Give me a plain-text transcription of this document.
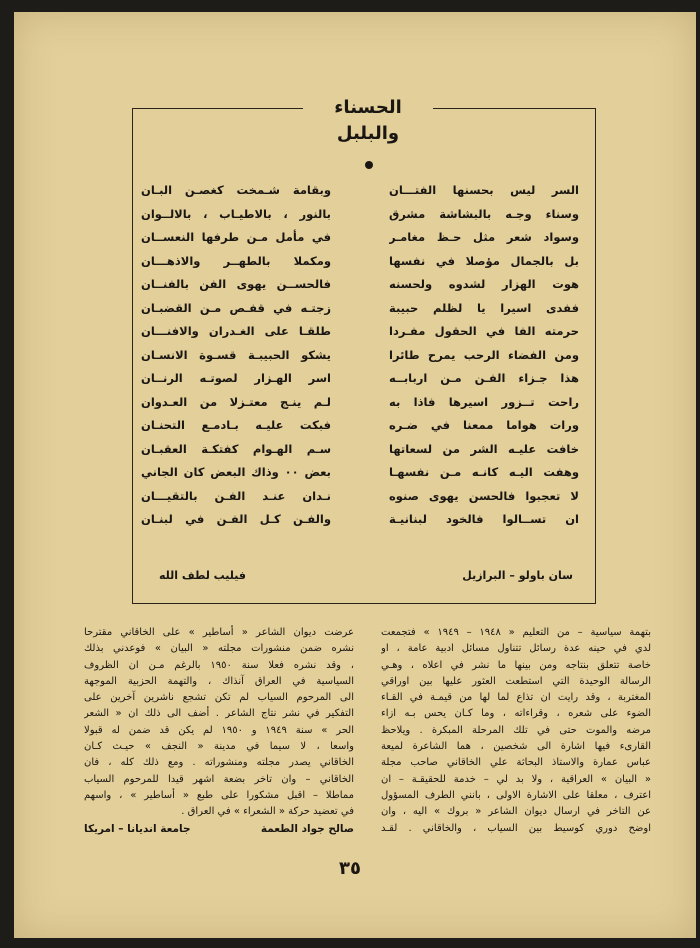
الحسناء والبلبل
السر ليس بحسنها الفتـــان
وسناء وجـه بالبشاشة مشرق
وسواد شعر مثل حـظ مغامـر
بل بالجمال مؤصلا في نفسها
هوت الهزار لشدوه ولحسنه
ففدى اسيرا يا لظلم حبيبة
حرمته الفا في الحقول مفـردا
ومن الفضاء الرحب يمرح طائرا
هذا جـزاء الفـن مـن اربابــه
راحت تــزور اسيرها فاذا به
ورات هواما ممعنا في ضـره
خافت عليـه الشر من لسعاتها
وهفت اليـه كانـه مـن نفسهـا
لا تعجبوا فالحسن يهوى صنوه
ان تســالوا فالخود لبنانيـة
وبقامة شـمخت كغصـن البـان
بالنور ، بالاطيـاب ، بالالــوان
في مأمل مـن طرفها النعســان
ومكملا بالطهــر والاذهـــان
فالحســن يهوى الفن بالفنــان
زجتـه في قفـص مـن القضبـان
طلقـا على الغـدران والافنـــان
يشكو الحبيبـة قسـوة الانسـان
اسر الهـزار لصوتـه الرنــان
لـم ينـج معتـزلا من العـدوان
فبكت عليـه بـادمـع التحنـان
سـم الهـوام كفتكـة العقبـان
بعض ٠٠ وذاك البعض كان الجاني
نـدان عنـد الفـن بالتقيـــان
والفـن كـل الفـن في لبنـان
سان باولو – البرازيل
فيليب لطف الله
بتهمة سياسية – من التعليم « ١٩٤٨ – ١٩٤٩ » فتجمعت
لدي في حينه عدة رسائل تتناول مسائل ادبية عامة ، او
خاصة تتعلق بنتاجه ومن بينها ما نشر في اعلاه ، وهـي
الرسالة الوحيدة التي استطعت العثور عليها بين اوراقي
المغتربة ، وقد رايت ان تذاع لما لها من قيمـة في القـاء
الضوء على شعره ، وقراءاته ، وما كـان يحس بـه ازاء
مرضه والموت حتى في تلك المرحلة المبكرة . ويلاحظ
القارىء فيها اشارة الى شخصين ، هما الشاعرة لميعة
عباس عمارة والاستاذ البحاثة علي الخاقاني صاحب مجلة
« البيان » العراقية ، ولا بد لي – خدمة للحقيقـة – ان
اعترف ، معلقا على الاشارة الاولى ، بانني الطرف المسؤول
عن التاخر في ارسال ديوان الشاعر « بروك » اليه ، وان
اوضح دوري كوسيط بين السياب ، والخاقاني . لقـد
عرضت ديوان الشاعر « أساطير » على الخاقاني مقترحا
نشره ضمن منشورات مجلته « البيان » فوعدني بذلك
، وقد نشره فعلا سنة ١٩٥٠ بالرغم مـن ان الظروف
السياسية في العراق آنذاك ، والتهمة الحزبية الموجهة
الى المرحوم السياب لم تكن تشجع ناشرين آخرين على
التفكير في نشر نتاج الشاعر . أضف الى ذلك ان « الشعر
الحر » سنة ١٩٤٩ و ١٩٥٠ لم يكن قد ضمن له قبولا
واسعا ، لا سيما في مدينة « النجف » حيـث كـان
الخاقاني يصدر مجلته ومنشوراته . ومع ذلك كله ، فان
الخاقاني – وان تاخر بضعة اشهر قيدا للمرحوم السياب
مماطلا – اقبل مشكورا على طبع « أساطير » ، واسهم
في تعضيد حركة « الشعراء » في العراق .
صالح جواد الطعمة
جامعة انديانا – امريكا
٣٥
